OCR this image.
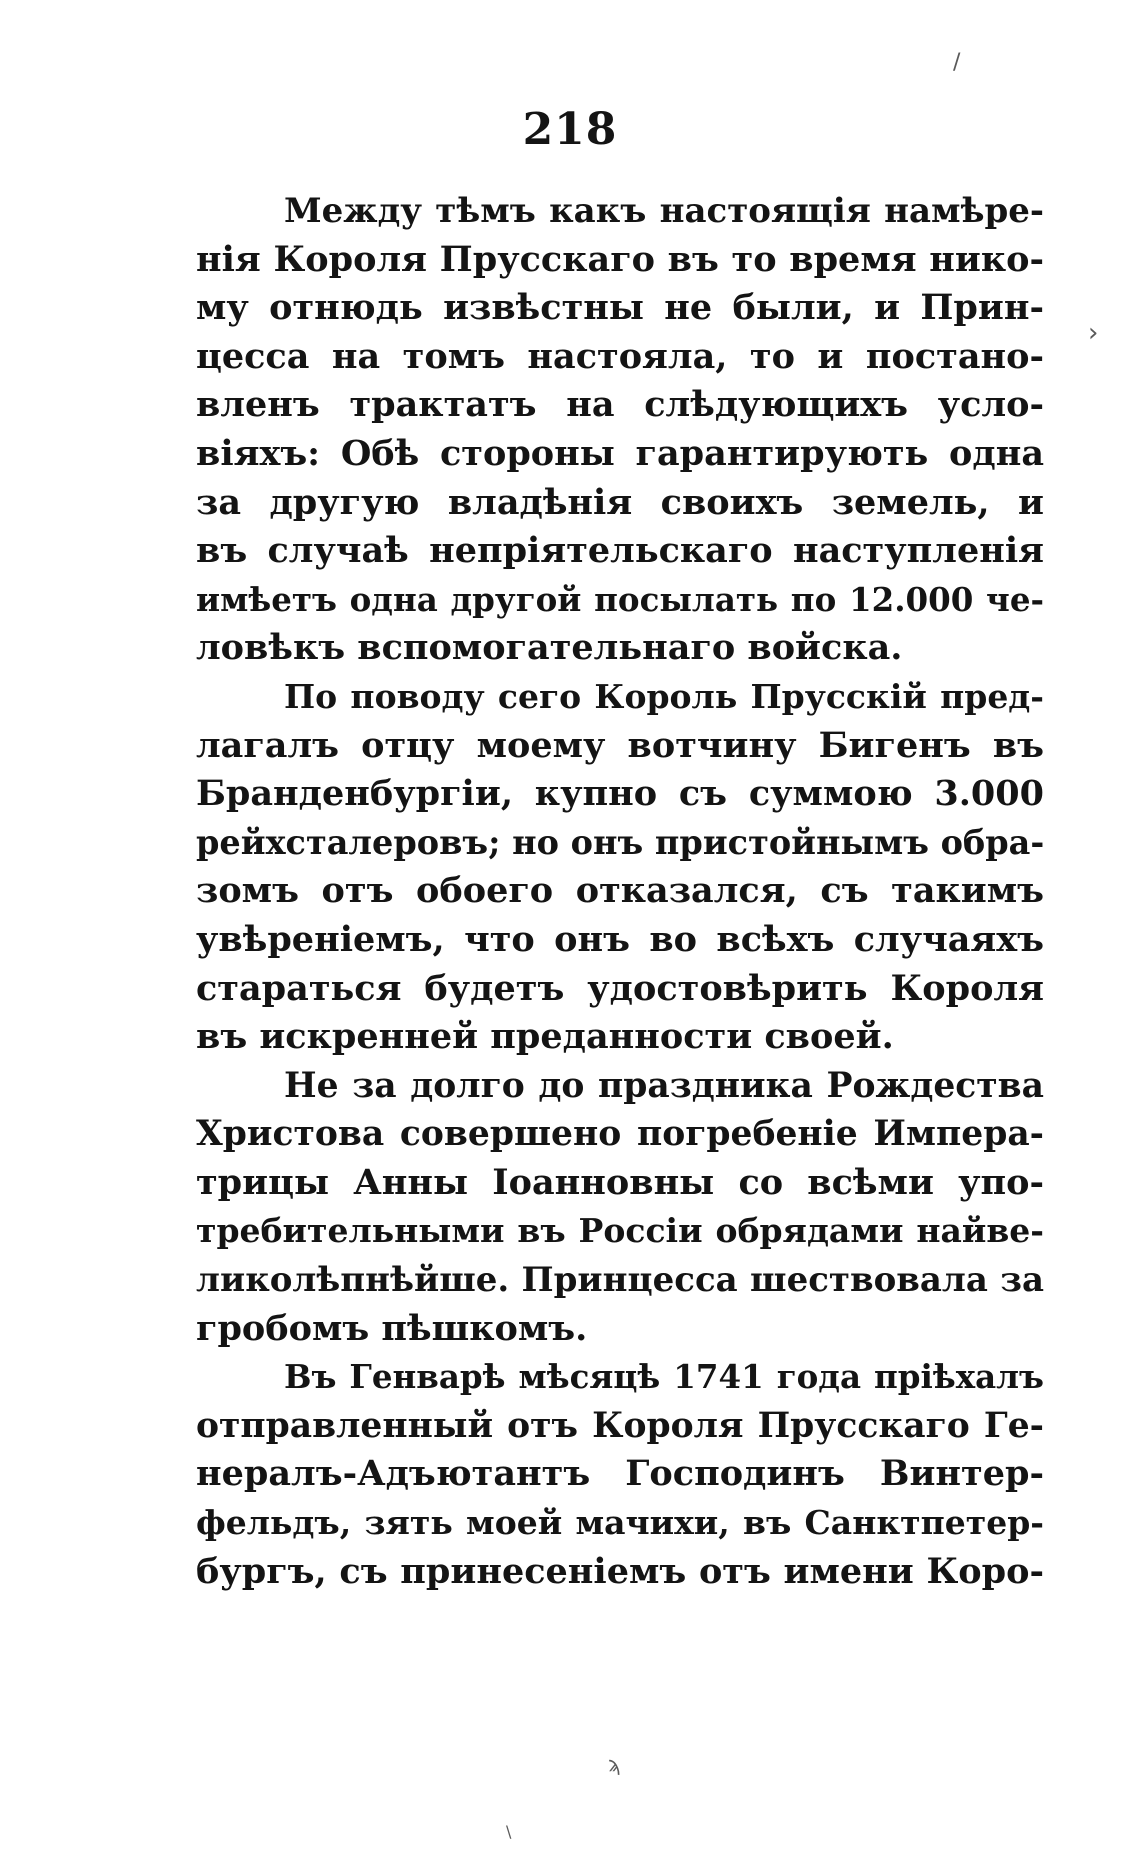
/
›
ϡ
\
218
Между тѣмъ какъ настоящія намѣре-
нія Короля Прусскаго въ то время нико-
му отнюдь извѣстны не были, и Прин-
цесса на томъ настояла, то и постано-
вленъ трактатъ на слѣдующихъ усло-
віяхъ: Обѣ стороны гарантирують одна
за другую владѣнія своихъ земель, и
въ случаѣ непріятельскаго наступленія
имѣетъ одна другой посылать по 12.000 че-
ловѣкъ вспомогательнаго войска.
По поводу сего Король Прусскій пред-
лагалъ отцу моему вотчину Бигенъ въ
Бранденбургіи, купно съ суммою 3.000
рейхсталеровъ; но онъ пристойнымъ обра-
зомъ отъ обоего отказался, съ такимъ
увѣреніемъ, что онъ во всѣхъ случаяхъ
стараться будетъ удостовѣрить Короля
въ искренней преданности своей.
Не за долго до праздника Рождества
Христова совершено погребеніе Импера-
трицы Анны Іоанновны со всѣми упо-
требительными въ Россіи обрядами найве-
ликолѣпнѣйше. Принцесса шествовала за
гробомъ пѣшкомъ.
Въ Генварѣ мѣсяцѣ 1741 года пріѣхалъ
отправленный отъ Короля Прусскаго Ге-
нералъ-Адъютантъ Господинъ Винтер-
фельдъ, зять моей мачихи, въ Санктпетер-
бургъ, съ принесеніемъ отъ имени Коро-
